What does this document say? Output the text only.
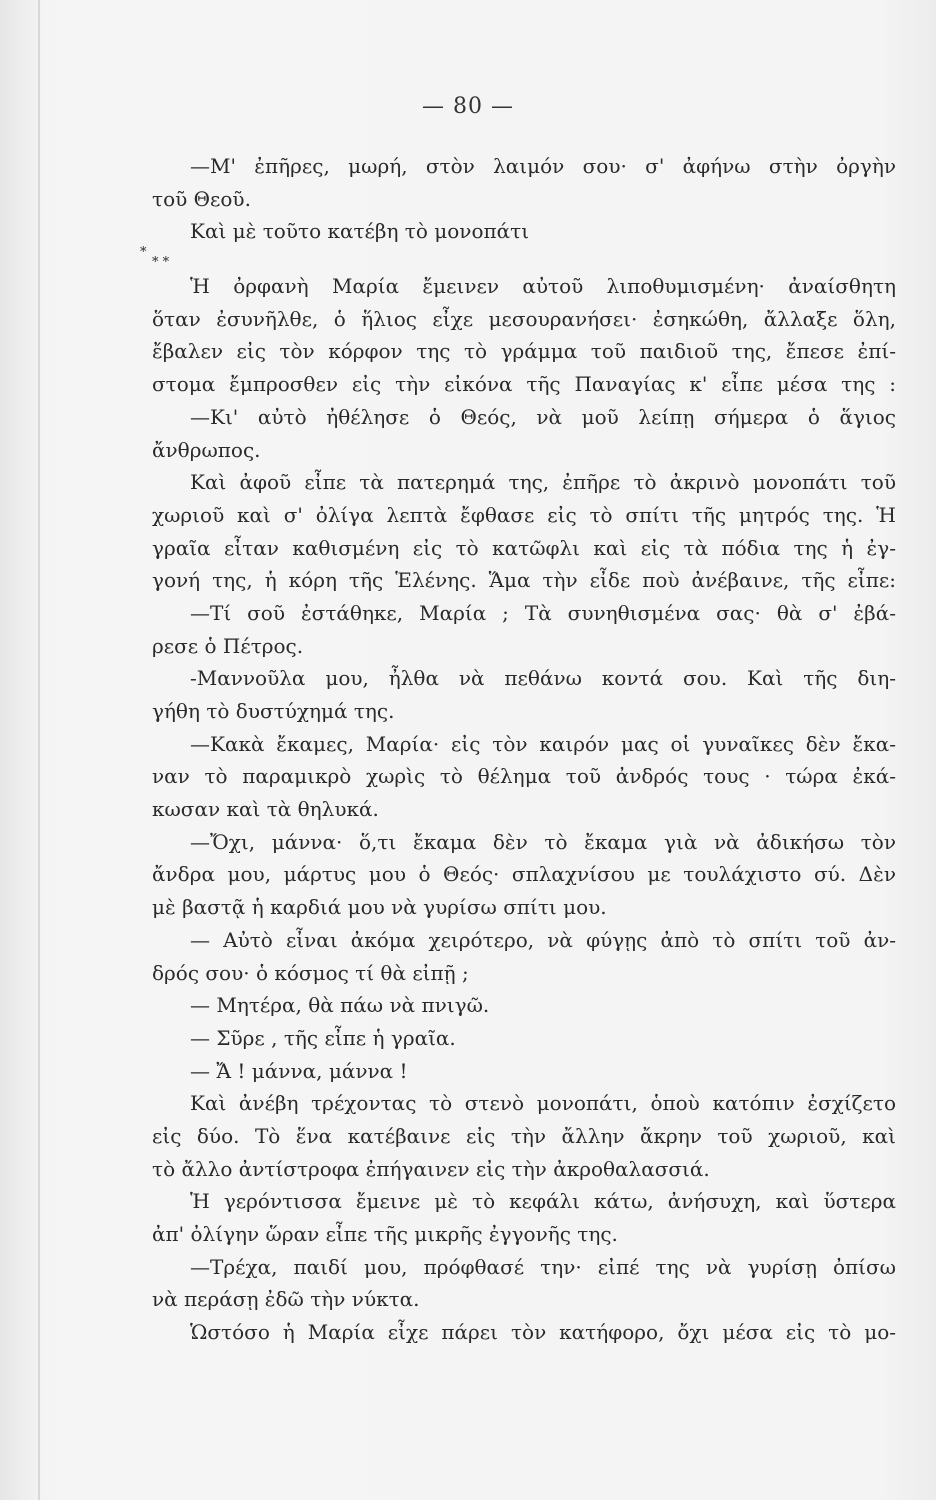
— 80 —
—Μ' ἐπῆρες, μωρή, στὸν λαιμόν σου· σ' ἀφήνω στὴν ὀργὴν
τοῦ Θεοῦ.
Καὶ μὲ τοῦτο κατέβη τὸ μονοπάτι
*
* *
Ἡ ὀρφανὴ Μαρία ἔμεινεν αὐτοῦ λιποθυμισμένη· ἀναίσθητη
ὅταν ἐσυνῆλθε, ὁ ἥλιος εἶχε μεσουρανήσει· ἐσηκώθη, ἄλλαξε ὅλη,
ἔβαλεν εἰς τὸν κόρφον της τὸ γράμμα τοῦ παιδιοῦ της, ἔπεσε ἐπί-
στομα ἔμπροσθεν εἰς τὴν εἰκόνα τῆς Παναγίας κ' εἶπε μέσα της :
—Κι' αὐτὸ ἠθέλησε ὁ Θεός, νὰ μοῦ λείπῃ σήμερα ὁ ἅγιος
ἄνθρωπος.
Καὶ ἀφοῦ εἶπε τὰ πατερημά της, ἐπῆρε τὸ ἀκρινὸ μονοπάτι τοῦ
χωριοῦ καὶ σ' ὀλίγα λεπτὰ ἔφθασε εἰς τὸ σπίτι τῆς μητρός της. Ἡ
γραῖα εἶταν καθισμένη εἰς τὸ κατῶφλι καὶ εἰς τὰ πόδια της ἡ ἐγ-
γονή της, ἡ κόρη τῆς Ἑλένης. Ἅμα τὴν εἶδε ποὺ ἀνέβαινε, τῆς εἶπε:
—Τί σοῦ ἐστάθηκε, Μαρία ; Τὰ συνηθισμένα σας· θὰ σ' ἐβά-
ρεσε ὁ Πέτρος.
-Μαννοῦλα μου, ἦλθα νὰ πεθάνω κοντά σου. Καὶ τῆς διη-
γήθη τὸ δυστύχημά της.
—Κακὰ ἔκαμες, Μαρία· εἰς τὸν καιρόν μας οἱ γυναῖκες δὲν ἔκα-
ναν τὸ παραμικρὸ χωρὶς τὸ θέλημα τοῦ ἀνδρός τους · τώρα ἐκά-
κωσαν καὶ τὰ θηλυκά.
—Ὄχι, μάννα· ὅ,τι ἔκαμα δὲν τὸ ἔκαμα γιὰ νὰ ἀδικήσω τὸν
ἄνδρα μου, μάρτυς μου ὁ Θεός· σπλαχνίσου με τουλάχιστο σύ. Δὲν
μὲ βαστᾷ ἡ καρδιά μου νὰ γυρίσω σπίτι μου.
— Αὐτὸ εἶναι ἀκόμα χειρότερο, νὰ φύγῃς ἀπὸ τὸ σπίτι τοῦ ἀν-
δρός σου· ὁ κόσμος τί θὰ εἰπῇ ;
— Μητέρα, θὰ πάω νὰ πνιγῶ.
— Σῦρε , τῆς εἶπε ἡ γραῖα.
— Ἄ ! μάννα, μάννα !
Καὶ ἀνέβη τρέχοντας τὸ στενὸ μονοπάτι, ὁποὺ κατόπιν ἐσχίζετο
εἰς δύο. Τὸ ἕνα κατέβαινε εἰς τὴν ἄλλην ἄκρην τοῦ χωριοῦ, καὶ
τὸ ἄλλο ἀντίστροφα ἐπήγαινεν εἰς τὴν ἀκροθαλασσιά.
Ἡ γερόντισσα ἔμεινε μὲ τὸ κεφάλι κάτω, ἀνήσυχη, καὶ ὕστερα
ἀπ' ὀλίγην ὥραν εἶπε τῆς μικρῆς ἐγγονῆς της.
—Τρέχα, παιδί μου, πρόφθασέ την· εἰπέ της νὰ γυρίσῃ ὀπίσω
νὰ περάσῃ ἐδῶ τὴν νύκτα.
Ὡστόσο ἡ Μαρία εἶχε πάρει τὸν κατήφορο, ὄχι μέσα εἰς τὸ μο-
